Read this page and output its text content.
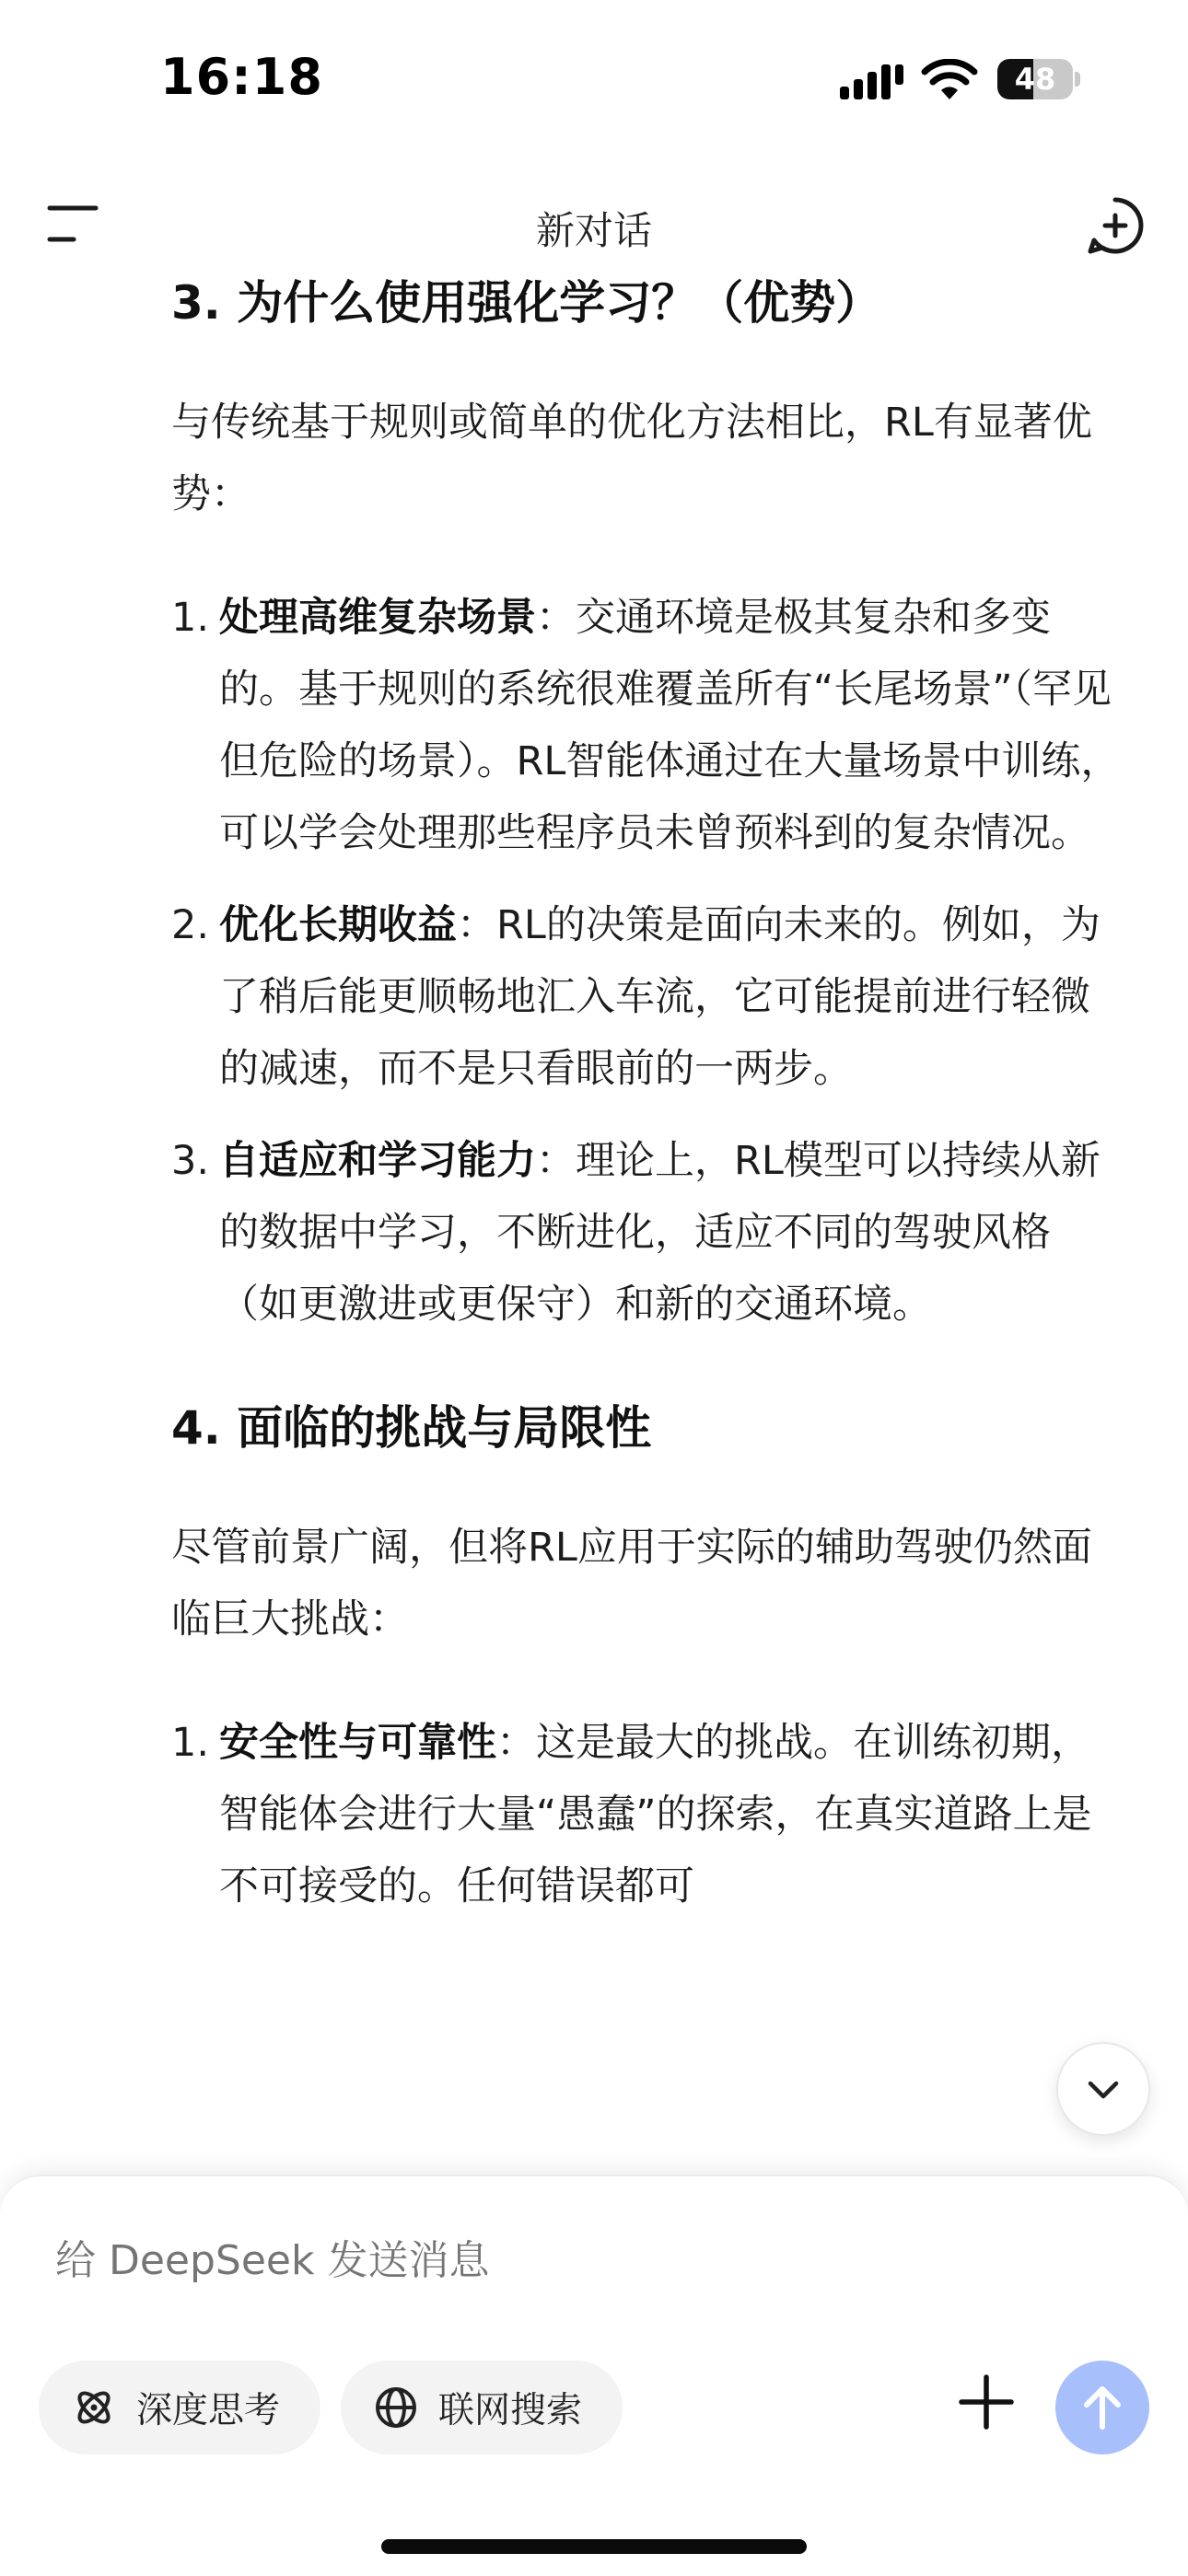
16:18	48
新对话
3. 为什么使用强化学习？（优势）
与传统基于规则或简单的优化方法相比，RL有显著优势：
1. 处理高维复杂场景：交通环境是极其复杂和多变的。基于规则的系统很难覆盖所有“长尾场景”（罕见但危险的场景）。RL智能体通过在大量场景中训练，可以学会处理那些程序员未曾预料到的复杂情况。
2. 优化长期收益：RL的决策是面向未来的。例如，为了稍后能更顺畅地汇入车流，它可能提前进行轻微的减速，而不是只看眼前的一两步。
3. 自适应和学习能力：理论上，RL模型可以持续从新的数据中学习，不断进化，适应不同的驾驶风格（如更激进或更保守）和新的交通环境。
4. 面临的挑战与局限性
尽管前景广阔，但将RL应用于实际的辅助驾驶仍然面临巨大挑战：
1. 安全性与可靠性：这是最大的挑战。在训练初期，智能体会进行大量“愚蠢”的探索，在真实道路上是不可接受的。任何错误都可
给 DeepSeek 发送消息
深度思考	联网搜索
